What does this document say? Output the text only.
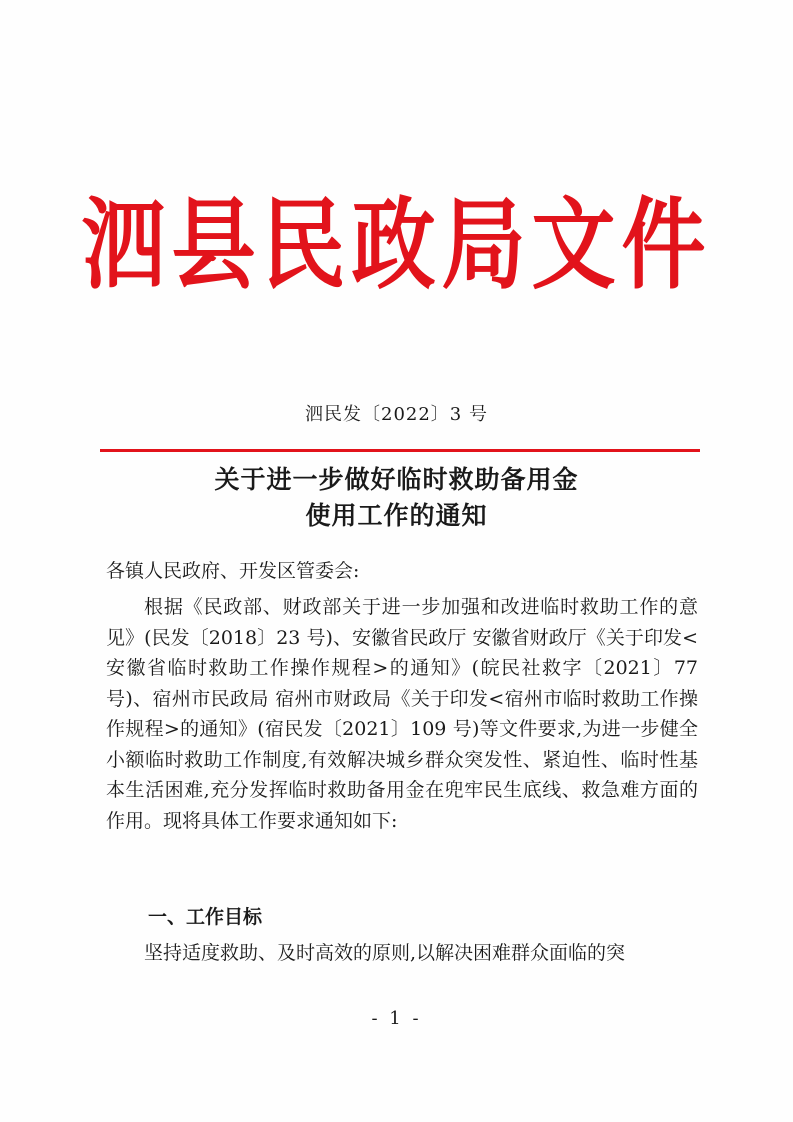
泗县民政局文件
泗民发〔2022〕3 号
关于进一步做好临时救助备用金
使用工作的通知
各镇人民政府、开发区管委会:
根据《民政部、财政部关于进一步加强和改进临时救助工作的意见》(民发〔2018〕23 号)、安徽省民政厅 安徽省财政厅《关于印发<安徽省临时救助工作操作规程>的通知》(皖民社救字〔2021〕77 号)、宿州市民政局 宿州市财政局《关于印发<宿州市临时救助工作操作规程>的通知》(宿民发〔2021〕109 号)等文件要求,为进一步健全小额临时救助工作制度,有效解决城乡群众突发性、紧迫性、临时性基本生活困难,充分发挥临时救助备用金在兜牢民生底线、救急难方面的作用。现将具体工作要求通知如下:
一、工作目标
坚持适度救助、及时高效的原则,以解决困难群众面临的突
- 1 -
